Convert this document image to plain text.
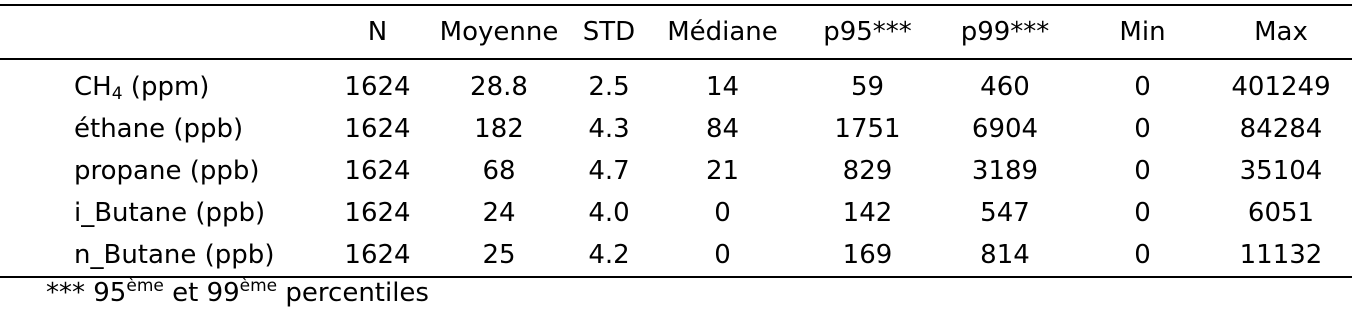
	N	Moyenne	STD	Médiane	p95***	p99***	Min	Max
$CH_4$ (ppm)	1624	28.8	2.5	14	59	460	0	401249
éthane (ppb)	1624	182	4.3	84	1751	6904	0	84284
propane (ppb)	1624	68	4.7	21	829	3189	0	35104
i_Butane (ppb)	1624	24	4.0	0	142	547	0	6051
n_Butane (ppb)	1624	25	4.2	0	169	814	0	11132
*** 95ème et 99ème percentiles
